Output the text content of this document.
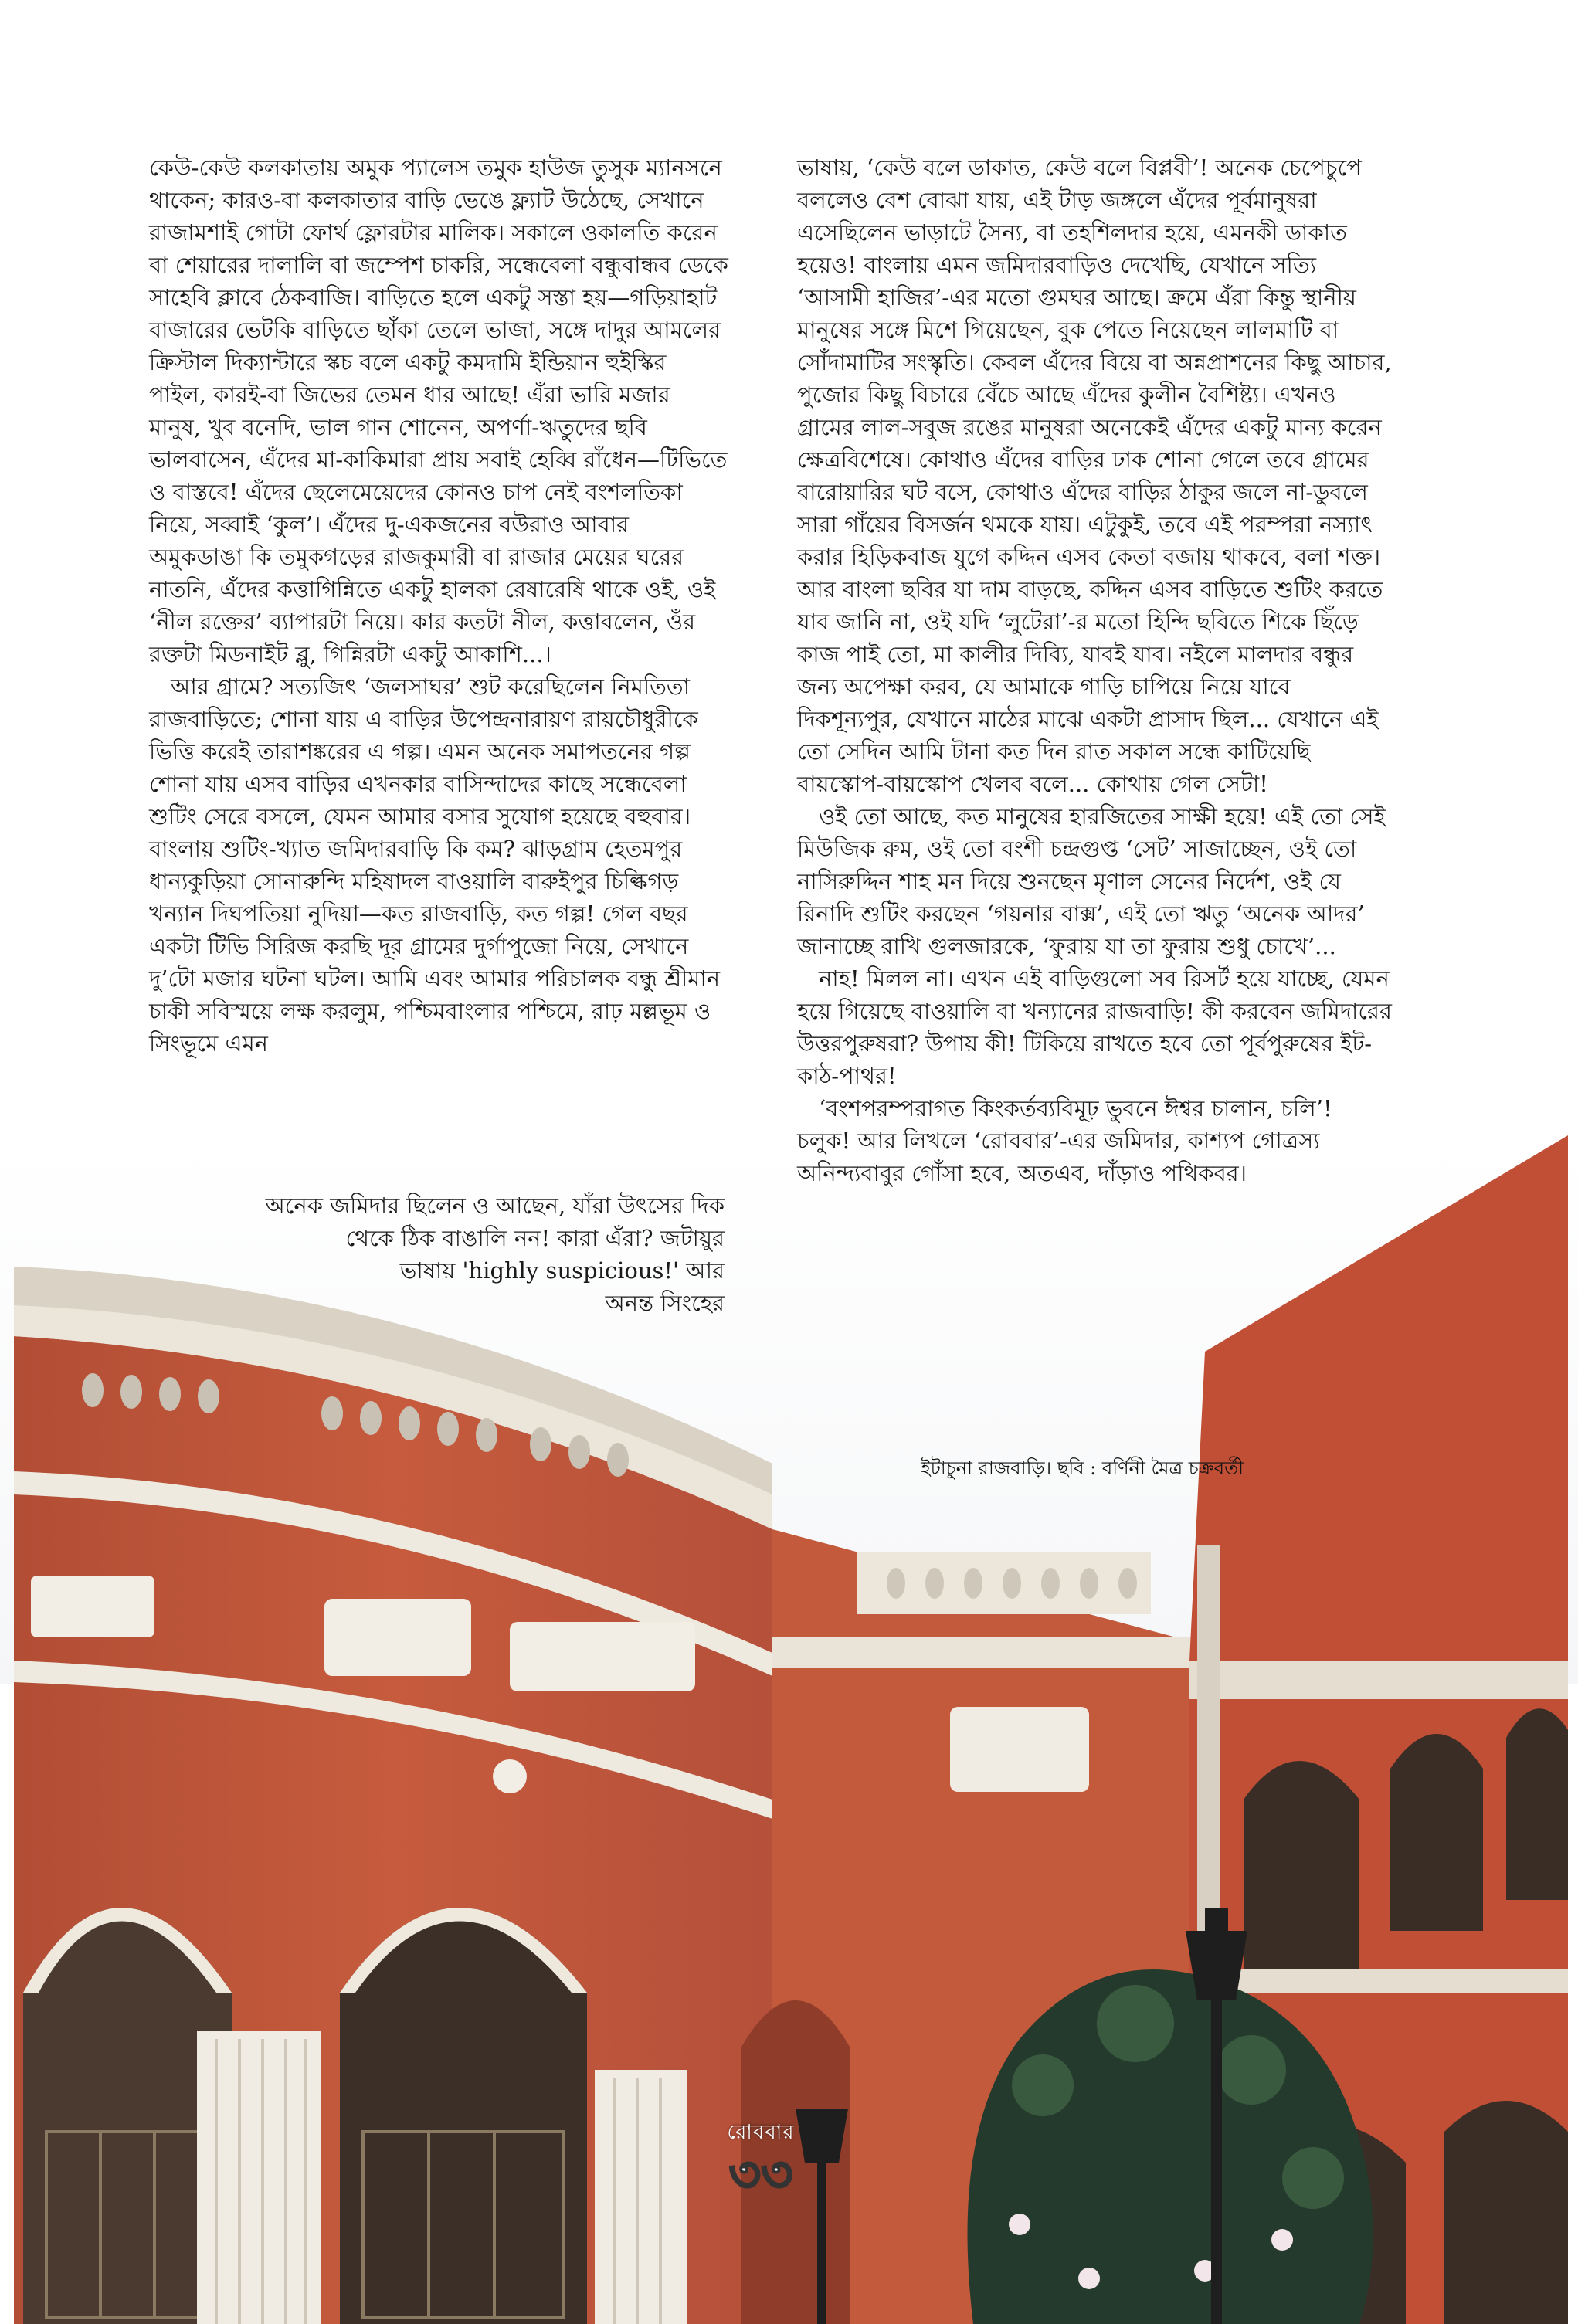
কেউ-কেউ কলকাতায় অমুক প্যালেস তমুক হাউজ তুসুক ম্যানসনে থাকেন; কারও-বা কলকাতার বাড়ি ভেঙে ফ্ল্যাট উঠেছে, সেখানে রাজামশাই গোটা ফোর্থ ফ্লোরটার মালিক। সকালে ওকালতি করেন বা শেয়ারের দালালি বা জম্পেশ চাকরি, সন্ধেবেলা বন্ধুবান্ধব ডেকে সাহেবি ক্লাবে ঠেকবাজি। বাড়িতে হলে একটু সস্তা হয়—গড়িয়াহাট বাজারের ভেটকি বাড়িতে ছাঁকা তেলে ভাজা, সঙ্গে দাদুর আমলের ক্রিস্টাল দিক্যান্টারে স্কচ বলে একটু কমদামি ইন্ডিয়ান হুইস্কির পাইল, কারই-বা জিভের তেমন ধার আছে! এঁরা ভারি মজার মানুষ, খুব বনেদি, ভাল গান শোনেন, অপর্ণা-ঋতুদের ছবি ভালবাসেন, এঁদের মা-কাকিমারা প্রায় সবাই হেব্বি রাঁধেন—টিভিতে ও বাস্তবে! এঁদের ছেলেমেয়েদের কোনও চাপ নেই বংশলতিকা নিয়ে, সব্বাই ‘কুল’। এঁদের দু-একজনের বউরাও আবার অমুকডাঙা কি তমুকগড়ের রাজকুমারী বা রাজার মেয়ের ঘরের নাতনি, এঁদের কত্তাগিন্নিতে একটু হালকা রেষারেষি থাকে ওই, ওই ‘নীল রক্তের’ ব্যাপারটা নিয়ে। কার কতটা নীল, কত্তাবলেন, ওঁর রক্তটা মিডনাইট ব্লু, গিন্নিরটা একটু আকাশি...।

আর গ্রামে? সত্যজিৎ ‘জলসাঘর’ শুট করেছিলেন নিমতিতা রাজবাড়িতে; শোনা যায় এ বাড়ির উপেন্দ্রনারায়ণ রায়চৌধুরীকে ভিত্তি করেই তারাশঙ্করের এ গল্প। এমন অনেক সমাপতনের গল্প শোনা যায় এসব বাড়ির এখনকার বাসিন্দাদের কাছে সন্ধেবেলা শুটিং সেরে বসলে, যেমন আমার বসার সুযোগ হয়েছে বহুবার। বাংলায় শুটিং-খ্যাত জমিদারবাড়ি কি কম? ঝাড়গ্রাম হেতমপুর ধান্যকুড়িয়া সোনারুন্দি মহিষাদল বাওয়ালি বারুইপুর চিল্কিগড় খন্যান দিঘপতিয়া নুদিয়া—কত রাজবাড়ি, কত গল্প! গেল বছর একটা টিভি সিরিজ করছি দূর গ্রামের দুর্গাপুজো নিয়ে, সেখানে দু’টো মজার ঘটনা ঘটল। আমি এবং আমার পরিচালক বন্ধু শ্রীমান চাকী সবিস্ময়ে লক্ষ করলুম, পশ্চিমবাংলার পশ্চিমে, রাঢ় মল্লভূম ও সিংভূমে এমন

অনেক জমিদার ছিলেন ও আছেন, যাঁরা উৎসের দিক
থেকে ঠিক বাঙালি নন! কারা এঁরা? জটায়ুর
ভাষায় 'highly suspicious!' আর
অনন্ত সিংহের

ভাষায়, ‘কেউ বলে ডাকাত, কেউ বলে বিপ্লবী’! অনেক চেপেচুপে বললেও বেশ বোঝা যায়, এই টাড় জঙ্গলে এঁদের পূর্বমানুষরা এসেছিলেন ভাড়াটে সৈন্য, বা তহশিলদার হয়ে, এমনকী ডাকাত হয়েও! বাংলায় এমন জমিদারবাড়িও দেখেছি, যেখানে সত্যি ‘আসামী হাজির’-এর মতো গুমঘর আছে। ক্রমে এঁরা কিন্তু স্থানীয় মানুষের সঙ্গে মিশে গিয়েছেন, বুক পেতে নিয়েছেন লালমাটি বা সোঁদামাটির সংস্কৃতি। কেবল এঁদের বিয়ে বা অন্নপ্রাশনের কিছু আচার, পুজোর কিছু বিচারে বেঁচে আছে এঁদের কুলীন বৈশিষ্ট্য। এখনও গ্রামের লাল-সবুজ রঙের মানুষরা অনেকেই এঁদের একটু মান্য করেন ক্ষেত্রবিশেষে। কোথাও এঁদের বাড়ির ঢাক শোনা গেলে তবে গ্রামের বারোয়ারির ঘট বসে, কোথাও এঁদের বাড়ির ঠাকুর জলে না-ডুবলে সারা গাঁয়ের বিসর্জন থমকে যায়। এটুকুই, তবে এই পরম্পরা নস্যাৎ করার হিড়িকবাজ যুগে কদ্দিন এসব কেতা বজায় থাকবে, বলা শক্ত। আর বাংলা ছবির যা দাম বাড়ছে, কদ্দিন এসব বাড়িতে শুটিং করতে যাব জানি না, ওই যদি ‘লুটেরা’-র মতো হিন্দি ছবিতে শিকে ছিঁড়ে কাজ পাই তো, মা কালীর দিব্যি, যাবই যাব। নইলে মালদার বন্ধুর জন্য অপেক্ষা করব, যে আমাকে গাড়ি চাপিয়ে নিয়ে যাবে দিকশূন্যপুর, যেখানে মাঠের মাঝে একটা প্রাসাদ ছিল... যেখানে এই তো সেদিন আমি টানা কত দিন রাত সকাল সন্ধে কাটিয়েছি বায়স্কোপ-বায়স্কোপ খেলব বলে... কোথায় গেল সেটা!

ওই তো আছে, কত মানুষের হারজিতের সাক্ষী হয়ে! এই তো সেই মিউজিক রুম, ওই তো বংশী চন্দ্রগুপ্ত ‘সেট’ সাজাচ্ছেন, ওই তো নাসিরুদ্দিন শাহ মন দিয়ে শুনছেন মৃণাল সেনের নির্দেশ, ওই যে রিনাদি শুটিং করছেন ‘গয়নার বাক্স’, এই তো ঋতু ‘অনেক আদর’ জানাচ্ছে রাখি গুলজারকে, ‘ফুরায় যা তা ফুরায় শুধু চোখে’...

নাহ! মিলল না। এখন এই বাড়িগুলো সব রিসর্ট হয়ে যাচ্ছে, যেমন হয়ে গিয়েছে বাওয়ালি বা খন্যানের রাজবাড়ি! কী করবেন জমিদারের উত্তরপুরুষরা? উপায় কী! টিকিয়ে রাখতে হবে তো পূর্বপুরুষের ইট-কাঠ-পাথর!

‘বংশপরম্পরাগত কিংকর্তব্যবিমূঢ় ভুবনে ঈশ্বর চালান, চলি’! চলুক! আর লিখলে ‘রোববার’-এর জমিদার, কাশ্যপ গোত্রস্য অনিন্দ্যবাবুর গোঁসা হবে, অতএব, দাঁড়াও পথিকবর।

ইটাচুনা রাজবাড়ি। ছবি : বর্ণিনী মৈত্র চক্রবর্তী
রোববার
৩৩
